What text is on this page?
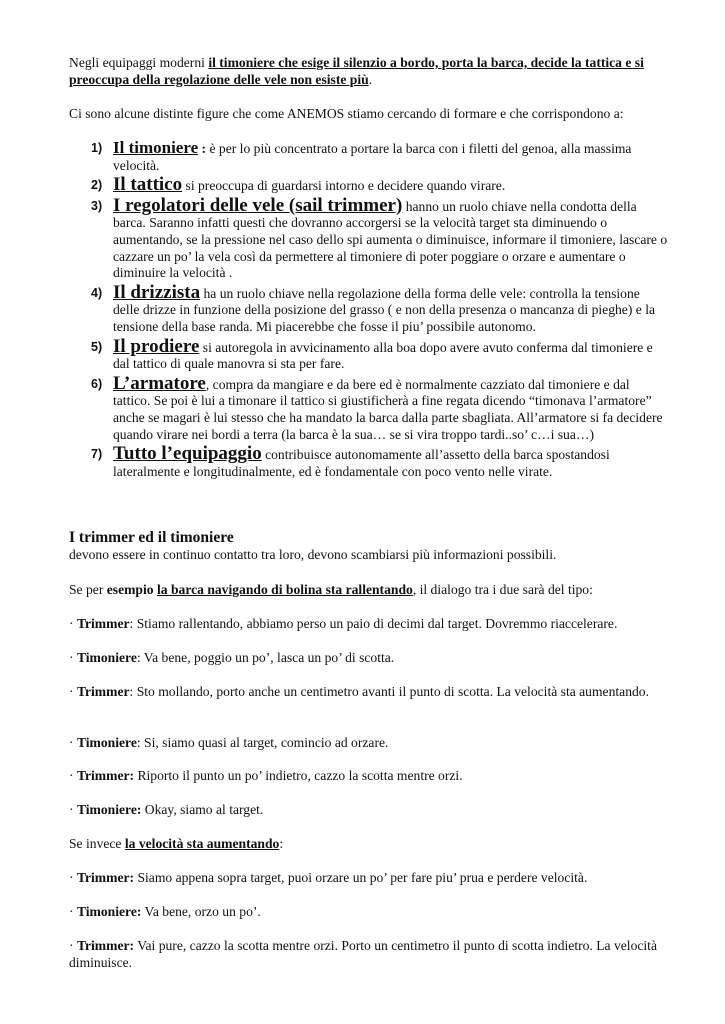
Negli equipaggi moderni il timoniere che esige il silenzio a bordo, porta la barca, decide la tattica e si preoccupa della regolazione delle vele non esiste più.

Ci sono alcune distinte figure che come ANEMOS stiamo cercando di formare e che corrispondono a:

1) Il timoniere : è per lo più concentrato a portare la barca con i filetti del genoa, alla massima velocità.
2) Il tattico si preoccupa di guardarsi intorno e decidere quando virare.
3) I regolatori delle vele (sail trimmer) hanno un ruolo chiave nella condotta della barca. Saranno infatti questi che dovranno accorgersi se la velocità target sta diminuendo o aumentando, se la pressione nel caso dello spi aumenta o diminuisce, informare il timoniere, lascare o cazzare un po’ la vela così da permettere al timoniere di poter poggiare o orzare e aumentare o diminuire la velocità .
4) Il drizzista ha un ruolo chiave nella regolazione della forma delle vele: controlla la tensione delle drizze in funzione della posizione del grasso ( e non della presenza o mancanza di pieghe) e la tensione della base randa. Mi piacerebbe che fosse il piu’ possibile autonomo.
5) Il prodiere si autoregola in avvicinamento alla boa dopo avere avuto conferma dal timoniere e dal tattico di quale manovra si sta per fare.
6) L’armatore, compra da mangiare e da bere ed è normalmente cazziato dal timoniere e dal tattico. Se poi è lui a timonare il tattico si giustificherà a fine regata dicendo “timonava l’armatore” anche se magari è lui stesso che ha mandato la barca dalla parte sbagliata. All’armatore si fa decidere quando virare nei bordi a terra (la barca è la sua… se si vira troppo tardi..so’ c…i sua…)
7) Tutto l’equipaggio contribuisce autonomamente all’assetto della barca spostandosi lateralmente e longitudinalmente, ed è fondamentale con poco vento nelle virate.

I trimmer ed il timoniere
devono essere in continuo contatto tra loro, devono scambiarsi più informazioni possibili.

Se per esempio la barca navigando di bolina sta rallentando, il dialogo tra i due sarà del tipo:

· Trimmer: Stiamo rallentando, abbiamo perso un paio di decimi dal target. Dovremmo riaccelerare.

· Timoniere: Va bene, poggio un po’, lasca un po’ di scotta.

· Trimmer: Sto mollando, porto anche un centimetro avanti il punto di scotta. La velocità sta aumentando.

· Timoniere: Si, siamo quasi al target, comincio ad orzare.

· Trimmer: Riporto il punto un po’ indietro, cazzo la scotta mentre orzi.

· Timoniere: Okay, siamo al target.

Se invece la velocità sta aumentando:

· Trimmer: Siamo appena sopra target, puoi orzare un po’ per fare piu’ prua e perdere velocità.

· Timoniere: Va bene, orzo un po’.

· Trimmer: Vai pure, cazzo la scotta mentre orzi. Porto un centimetro il punto di scotta indietro. La velocità diminuisce.
